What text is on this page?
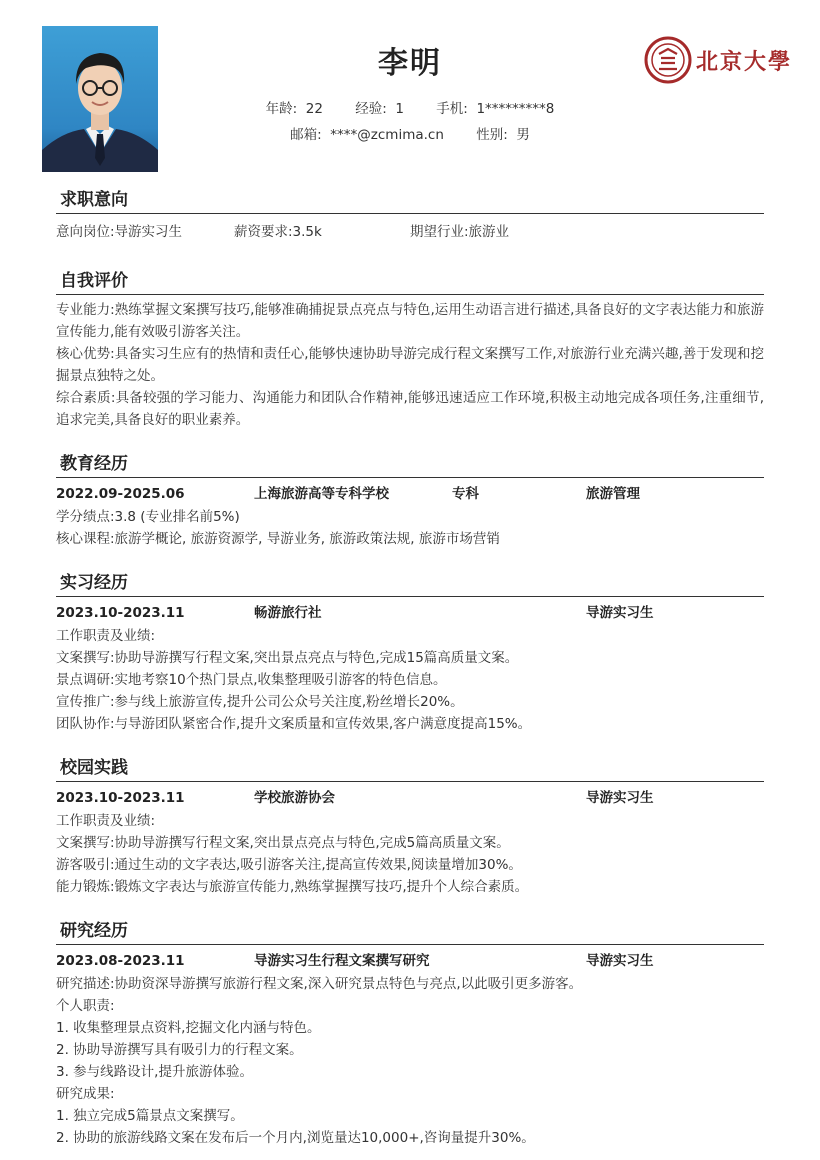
李明
年龄: 22 经验: 1 手机: 1*********8
邮箱: ****@zcmima.cn 性别: 男
北京大學
求职意向
意向岗位:导游实习生	薪资要求:3.5k	期望行业:旅游业
自我评价
专业能力:熟练掌握文案撰写技巧,能够准确捕捉景点亮点与特色,运用生动语言进行描述,具备良好的文字表达能力和旅游宣传能力,能有效吸引游客关注。
核心优势:具备实习生应有的热情和责任心,能够快速协助导游完成行程文案撰写工作,对旅游行业充满兴趣,善于发现和挖掘景点独特之处。
综合素质:具备较强的学习能力、沟通能力和团队合作精神,能够迅速适应工作环境,积极主动地完成各项任务,注重细节,追求完美,具备良好的职业素养。
教育经历
2022.09-2025.06	上海旅游高等专科学校	专科	旅游管理
学分绩点:3.8 (专业排名前5%)
核心课程:旅游学概论, 旅游资源学, 导游业务, 旅游政策法规, 旅游市场营销
实习经历
2023.10-2023.11	畅游旅行社	导游实习生
工作职责及业绩:
文案撰写:协助导游撰写行程文案,突出景点亮点与特色,完成15篇高质量文案。
景点调研:实地考察10个热门景点,收集整理吸引游客的特色信息。
宣传推广:参与线上旅游宣传,提升公司公众号关注度,粉丝增长20%。
团队协作:与导游团队紧密合作,提升文案质量和宣传效果,客户满意度提高15%。
校园实践
2023.10-2023.11	学校旅游协会	导游实习生
工作职责及业绩:
文案撰写:协助导游撰写行程文案,突出景点亮点与特色,完成5篇高质量文案。
游客吸引:通过生动的文字表达,吸引游客关注,提高宣传效果,阅读量增加30%。
能力锻炼:锻炼文字表达与旅游宣传能力,熟练掌握撰写技巧,提升个人综合素质。
研究经历
2023.08-2023.11	导游实习生行程文案撰写研究	导游实习生
研究描述:协助资深导游撰写旅游行程文案,深入研究景点特色与亮点,以此吸引更多游客。
个人职责:
1. 收集整理景点资料,挖掘文化内涵与特色。
2. 协助导游撰写具有吸引力的行程文案。
3. 参与线路设计,提升旅游体验。
研究成果:
1. 独立完成5篇景点文案撰写。
2. 协助的旅游线路文案在发布后一个月内,浏览量达10,000+,咨询量提升30%。
